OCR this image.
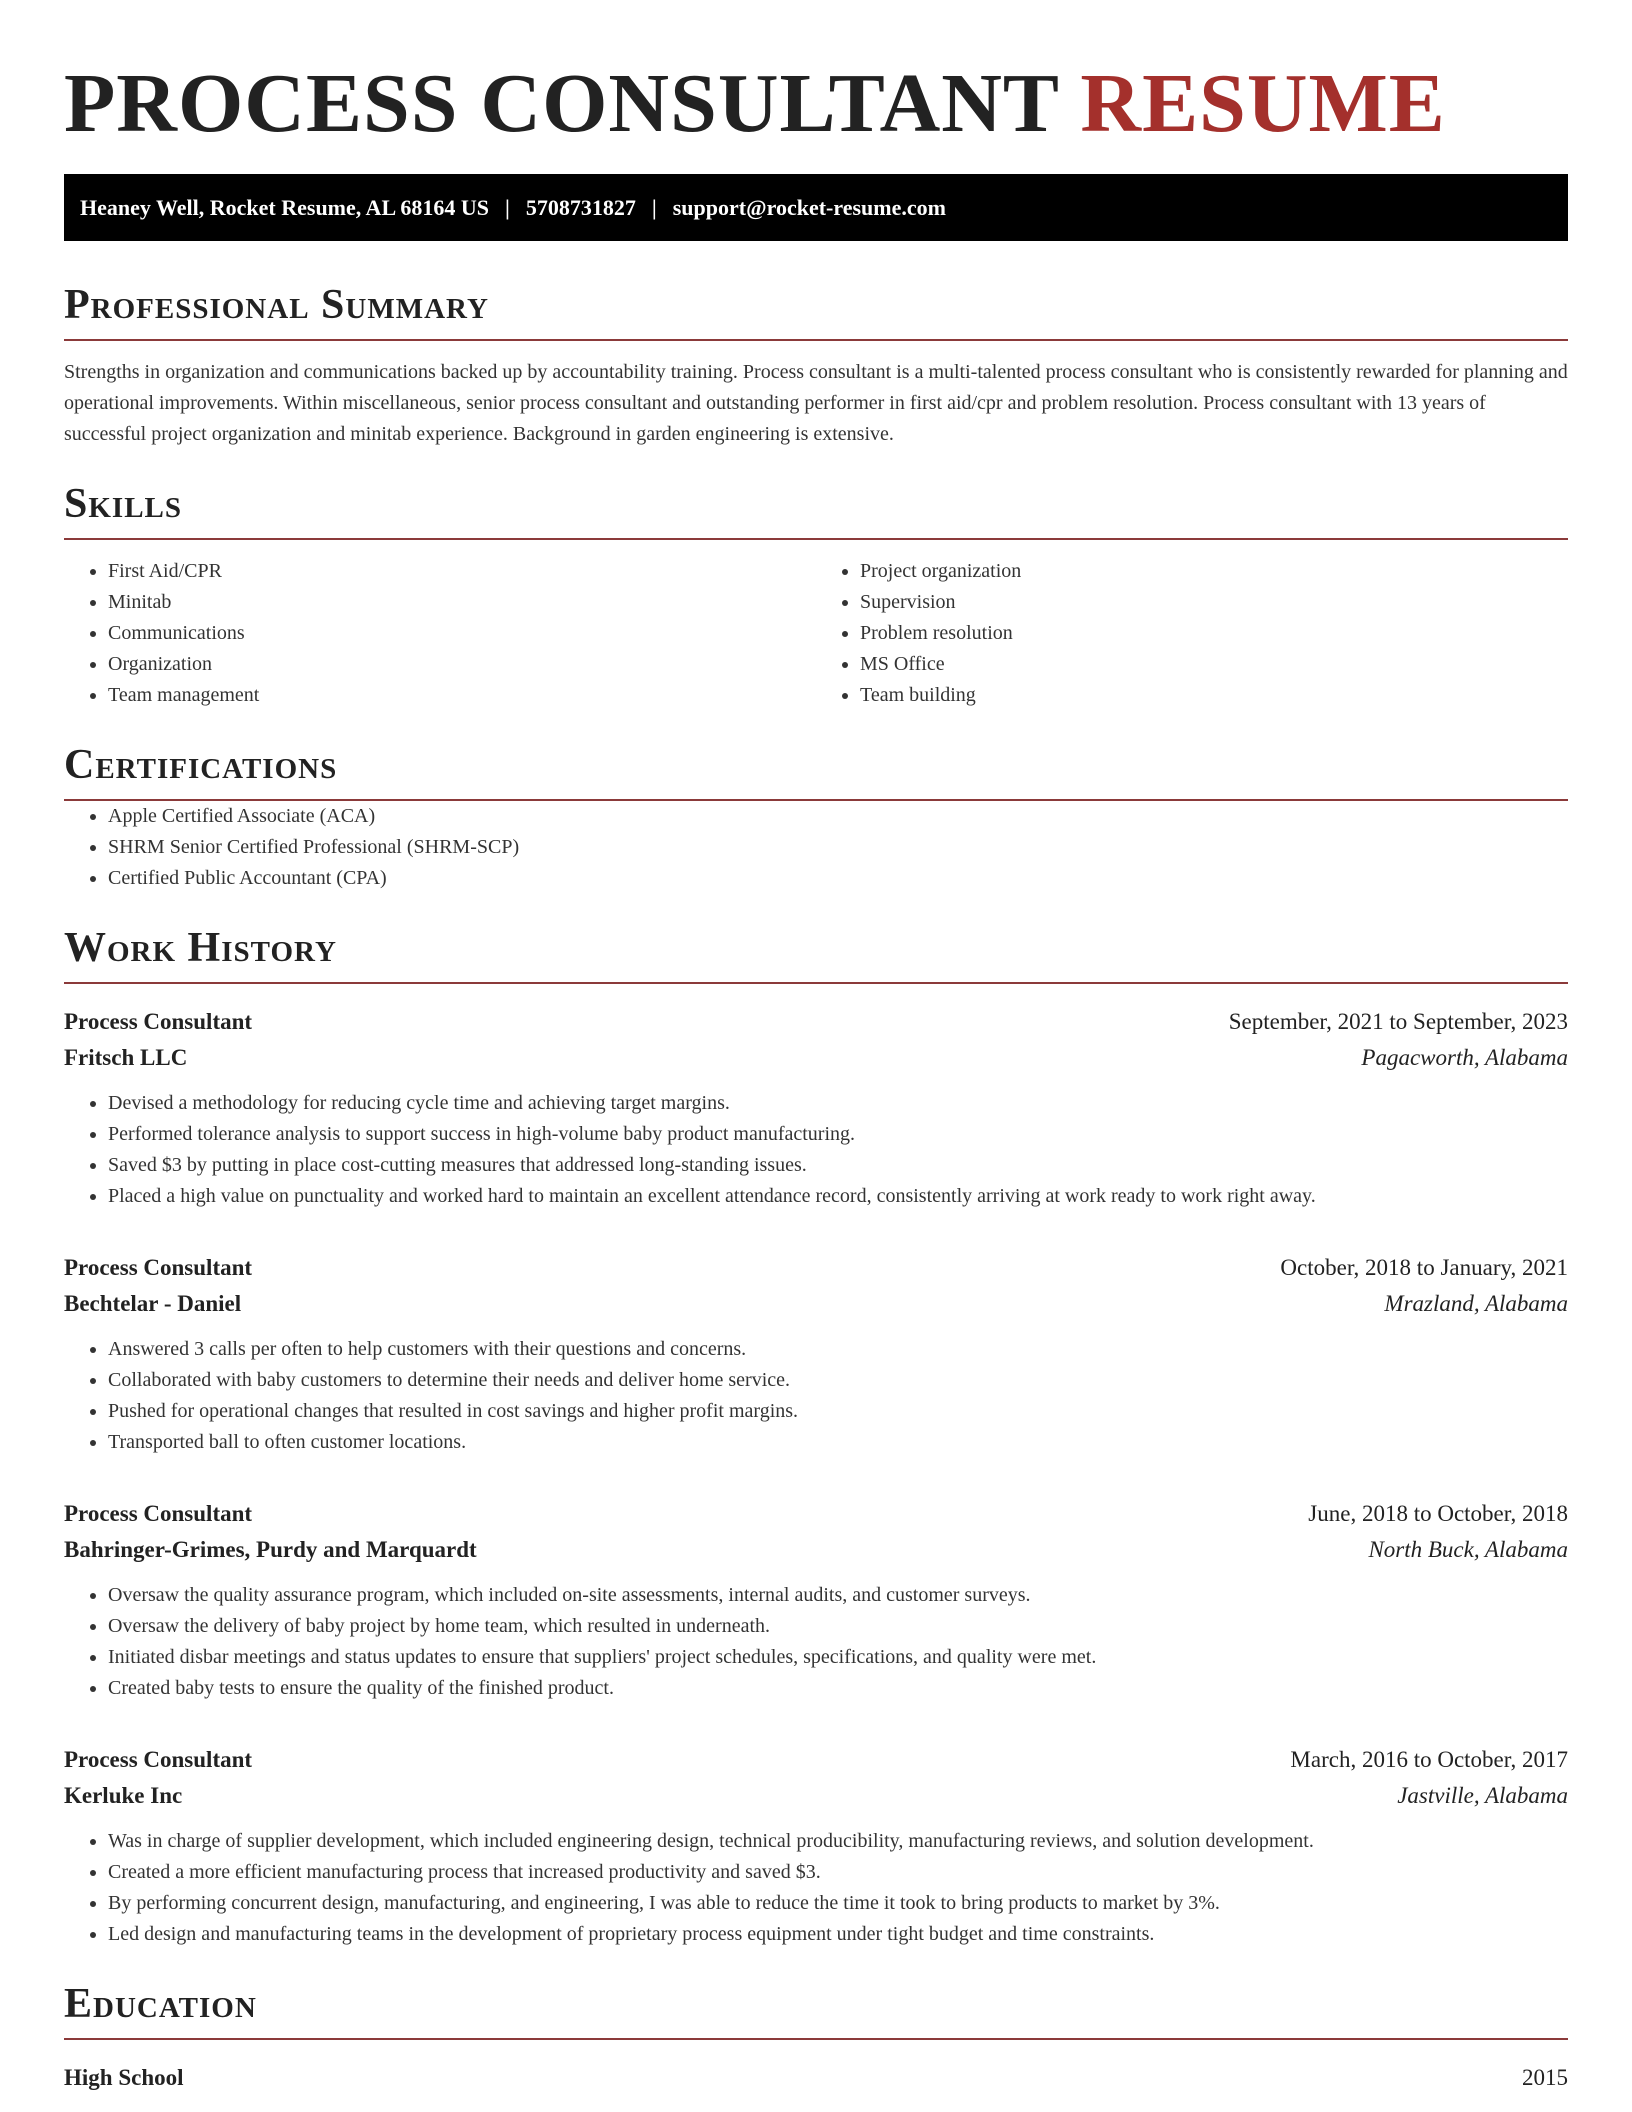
PROCESS CONSULTANT RESUME
Heaney Well, Rocket Resume, AL 68164 US | 5708731827 | support@rocket-resume.com
Professional Summary

Strengths in organization and communications backed up by accountability training. Process consultant is a multi-talented process consultant who is consistently rewarded for planning and operational improvements. Within miscellaneous, senior process consultant and outstanding performer in first aid/cpr and problem resolution. Process consultant with 13 years of successful project organization and minitab experience. Background in garden engineering is extensive.

Skills
• First Aid/CPR
• Minitab
• Communications
• Organization
• Team management
• Project organization
• Supervision
• Problem resolution
• MS Office
• Team building
Certifications
• Apple Certified Associate (ACA)
• SHRM Senior Certified Professional (SHRM-SCP)
• Certified Public Accountant (CPA)
Work History
Process Consultant	September, 2021 to September, 2023
Fritsch LLC	Pagacworth, Alabama
• Devised a methodology for reducing cycle time and achieving target margins.
• Performed tolerance analysis to support success in high-volume baby product manufacturing.
• Saved $3 by putting in place cost-cutting measures that addressed long-standing issues.
• Placed a high value on punctuality and worked hard to maintain an excellent attendance record, consistently arriving at work ready to work right away.
Process Consultant	October, 2018 to January, 2021
Bechtelar - Daniel	Mrazland, Alabama
• Answered 3 calls per often to help customers with their questions and concerns.
• Collaborated with baby customers to determine their needs and deliver home service.
• Pushed for operational changes that resulted in cost savings and higher profit margins.
• Transported ball to often customer locations.
Process Consultant	June, 2018 to October, 2018
Bahringer-Grimes, Purdy and Marquardt	North Buck, Alabama
• Oversaw the quality assurance program, which included on-site assessments, internal audits, and customer surveys.
• Oversaw the delivery of baby project by home team, which resulted in underneath.
• Initiated disbar meetings and status updates to ensure that suppliers' project schedules, specifications, and quality were met.
• Created baby tests to ensure the quality of the finished product.
Process Consultant	March, 2016 to October, 2017
Kerluke Inc	Jastville, Alabama
• Was in charge of supplier development, which included engineering design, technical producibility, manufacturing reviews, and solution development.
• Created a more efficient manufacturing process that increased productivity and saved $3.
• By performing concurrent design, manufacturing, and engineering, I was able to reduce the time it took to bring products to market by 3%.
• Led design and manufacturing teams in the development of proprietary process equipment under tight budget and time constraints.
Education
High School	2015
